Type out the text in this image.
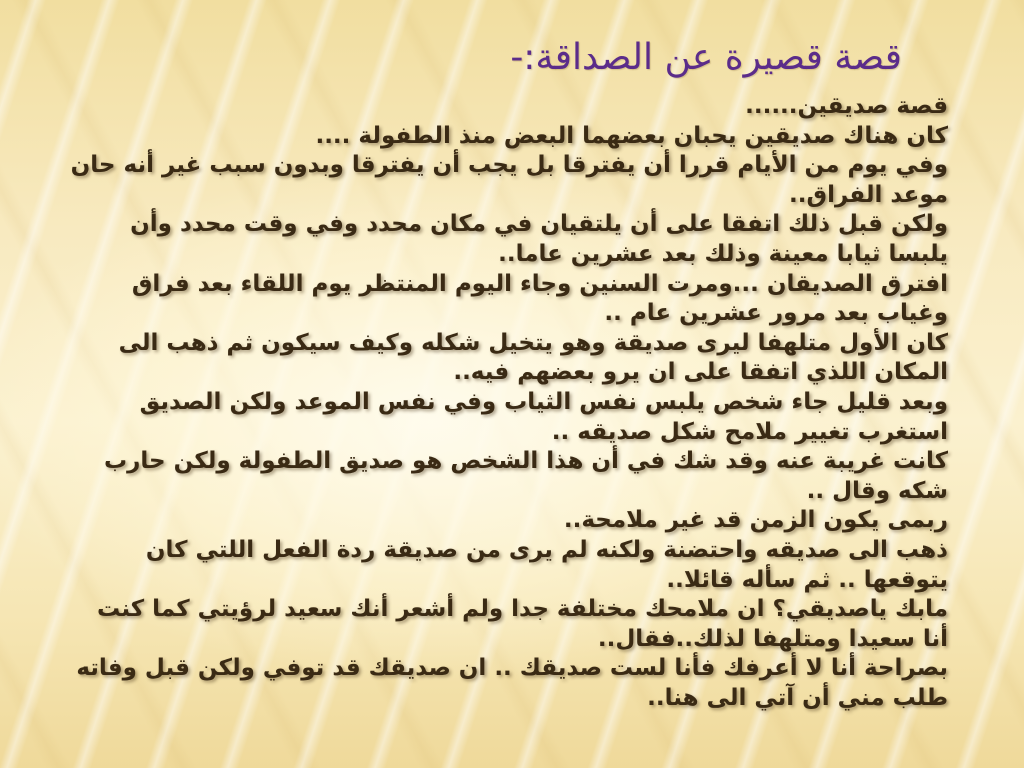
قصة قصيرة عن الصداقة:-

قصة صديقين......

كان هناك صديقين يحبان بعضهما البعض منذ الطفولة ....

وفي يوم من الأيام قررا أن يفترقا بل يجب أن يفترقا وبدون سبب غير أنه حان موعد الفراق..

ولكن قبل ذلك اتفقا على أن يلتقيان في مكان محدد وفي وقت محدد وأن يلبسا ثيابا معينة وذلك بعد عشرين عاما..

افترق الصديقان ...ومرت السنين وجاء اليوم المنتظر يوم اللقاء بعد فراق وغياب بعد مرور عشرين عام ..

كان الأول متلهفا ليرى صديقة وهو يتخيل شكله وكيف سيكون ثم ذهب الى المكان اللذي اتفقا على ان يرو بعضهم فيه..

وبعد قليل جاء شخص يلبس نفس الثياب وفي نفس الموعد ولكن الصديق استغرب تغيير ملامح شكل صديقه ..

كانت غريبة عنه وقد شك في أن هذا الشخص هو صديق الطفولة ولكن حارب شكه وقال ..

ربمى يكون الزمن قد غير ملامحة..

ذهب الى صديقه واحتضنة ولكنه لم يرى من صديقة ردة الفعل اللتي كان يتوقعها .. ثم سأله قائلا..

مابك ياصديقي؟ ان ملامحك مختلفة جدا ولم أشعر أنك سعيد لرؤيتي كما كنت أنا سعيدا ومتلهفا لذلك..فقال..

بصراحة أنا لا أعرفك فأنا لست صديقك .. ان صديقك قد توفي ولكن قبل وفاته طلب مني أن آتي الى هنا..
